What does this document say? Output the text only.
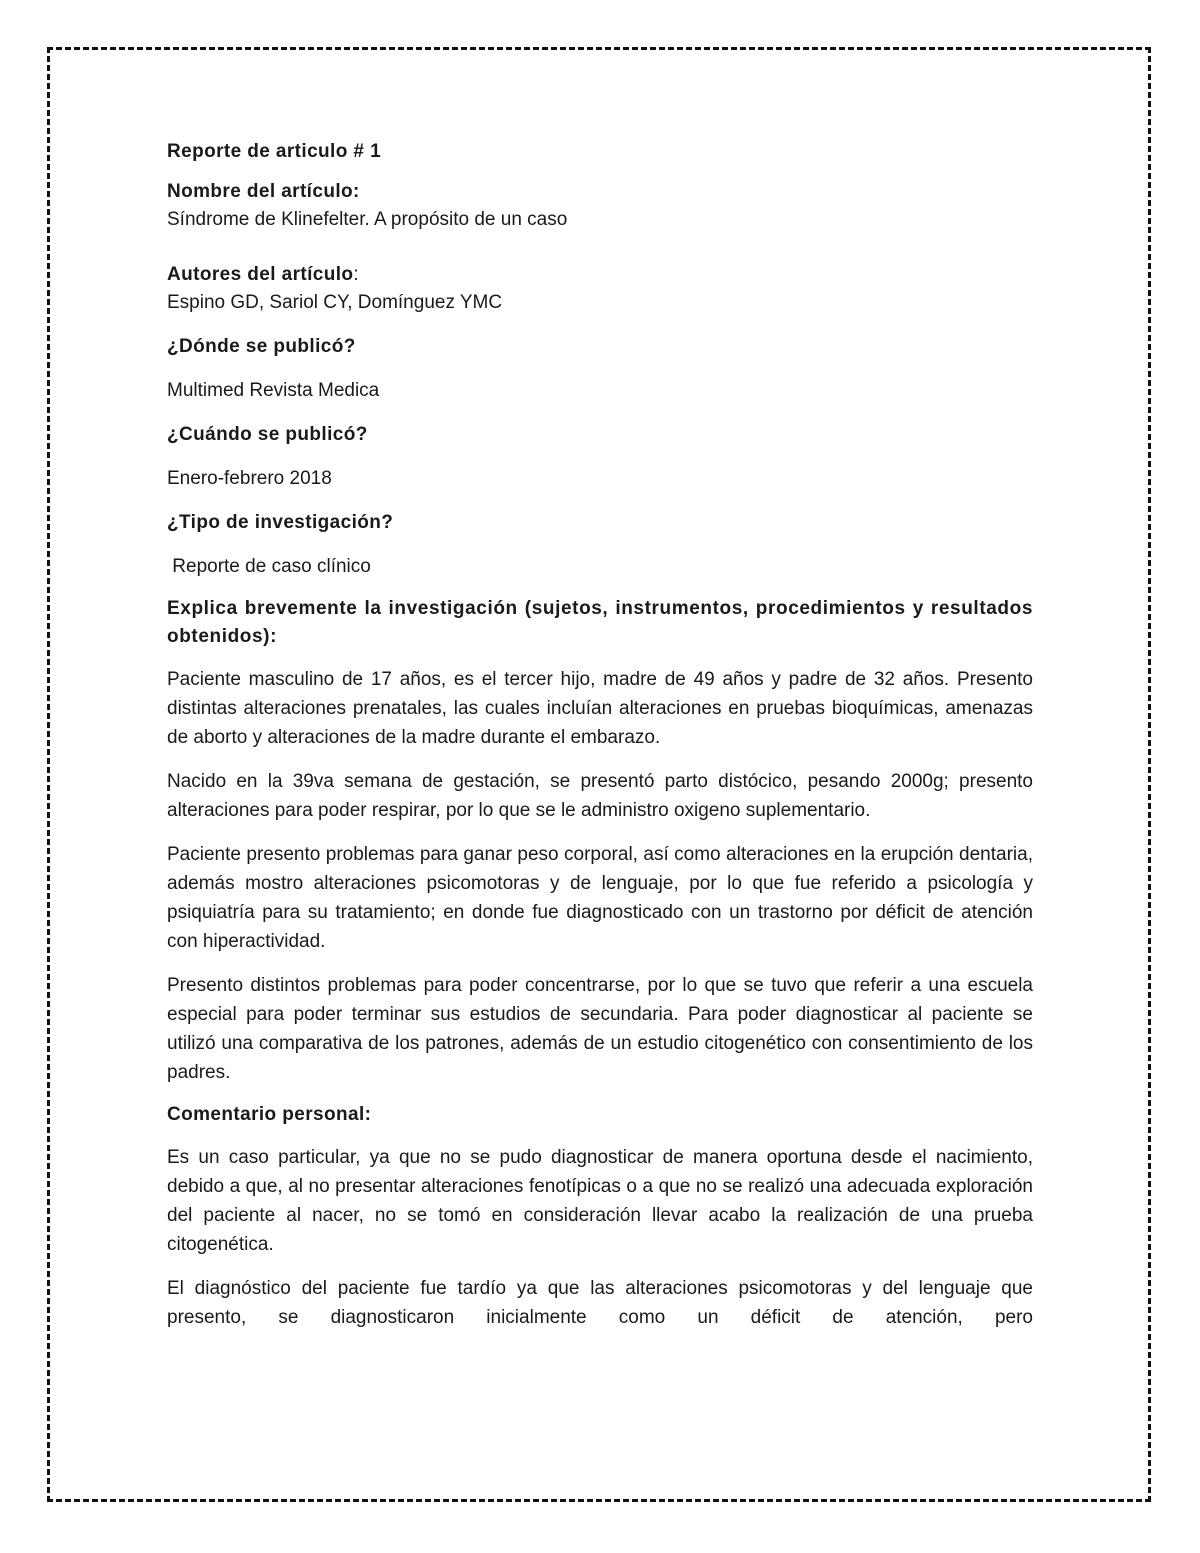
Reporte de articulo # 1

Nombre del artículo:

Síndrome de Klinefelter. A propósito de un caso

Autores del artículo:

Espino GD, Sariol CY, Domínguez YMC

¿Dónde se publicó?

Multimed Revista Medica

¿Cuándo se publicó?

Enero-febrero 2018

¿Tipo de investigación?

Reporte de caso clínico

Explica brevemente la investigación (sujetos, instrumentos, procedimientos y resultados obtenidos):

Paciente masculino de 17 años, es el tercer hijo, madre de 49 años y padre de 32 años. Presento distintas alteraciones prenatales, las cuales incluían alteraciones en pruebas bioquímicas, amenazas de aborto y alteraciones de la madre durante el embarazo.

Nacido en la 39va semana de gestación, se presentó parto distócico, pesando 2000g; presento alteraciones para poder respirar, por lo que se le administro oxigeno suplementario.

Paciente presento problemas para ganar peso corporal, así como alteraciones en la erupción dentaria, además mostro alteraciones psicomotoras y de lenguaje, por lo que fue referido a psicología y psiquiatría para su tratamiento; en donde fue diagnosticado con un trastorno por déficit de atención con hiperactividad.

Presento distintos problemas para poder concentrarse, por lo que se tuvo que referir a una escuela especial para poder terminar sus estudios de secundaria. Para poder diagnosticar al paciente se utilizó una comparativa de los patrones, además de un estudio citogenético con consentimiento de los padres.

Comentario personal:

Es un caso particular, ya que no se pudo diagnosticar de manera oportuna desde el nacimiento, debido a que, al no presentar alteraciones fenotípicas o a que no se realizó una adecuada exploración del paciente al nacer, no se tomó en consideración llevar acabo la realización de una prueba citogenética.

El diagnóstico del paciente fue tardío ya que las alteraciones psicomotoras y del lenguaje que presento, se diagnosticaron inicialmente como un déficit de atención, pero
